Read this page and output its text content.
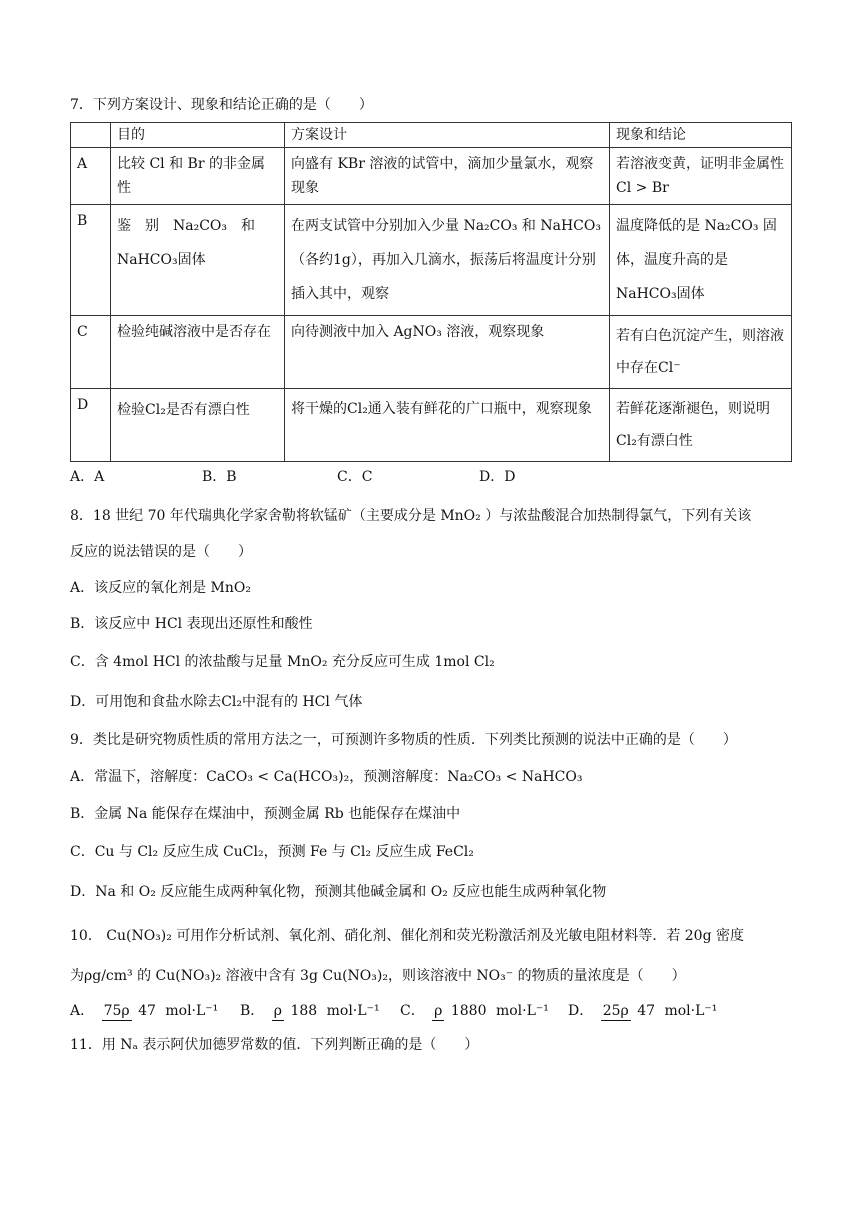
7．下列方案设计、现象和结论正确的是（　　）
	目的	方案设计	现象和结论
A	比较 Cl 和 Br 的非金属性	向盛有 KBr 溶液的试管中，滴加少量氯水，观察现象	若溶液变黄，证明非金属性 Cl > Br
B	鉴　别　Na₂CO₃　和　NaHCO₃固体	在两支试管中分别加入少量 Na₂CO₃ 和 NaHCO₃（各约1g），再加入几滴水，振荡后将温度计分别插入其中，观察	温度降低的是 Na₂CO₃ 固体，温度升高的是 NaHCO₃固体
C	检验纯碱溶液中是否存在	向待测液中加入 AgNO₃ 溶液，观察现象	若有白色沉淀产生，则溶液中存在Cl⁻
D	检验Cl₂是否有漂白性	将干燥的Cl₂通入装有鲜花的广口瓶中，观察现象	若鲜花逐渐褪色，则说明Cl₂有漂白性
A．A	B．B	C．C	D．D
8．18 世纪 70 年代瑞典化学家舍勒将软锰矿（主要成分是 MnO₂ ）与浓盐酸混合加热制得氯气，下列有关该
反应的说法错误的是（　　）
A．该反应的氧化剂是 MnO₂
B．该反应中 HCl 表现出还原性和酸性
C．含 4mol HCl 的浓盐酸与足量 MnO₂ 充分反应可生成 1mol Cl₂
D．可用饱和食盐水除去Cl₂中混有的 HCl 气体
9．类比是研究物质性质的常用方法之一，可预测许多物质的性质．下列类比预测的说法中正确的是（　　）
A．常温下，溶解度：CaCO₃ < Ca(HCO₃)₂，预测溶解度：Na₂CO₃ < NaHCO₃
B．金属 Na 能保存在煤油中，预测金属 Rb 也能保存在煤油中
C．Cu 与 Cl₂ 反应生成 CuCl₂，预测 Fe 与 Cl₂ 反应生成 FeCl₂
D．Na 和 O₂ 反应能生成两种氧化物，预测其他碱金属和 O₂ 反应也能生成两种氧化物
10． Cu(NO₃)₂ 可用作分析试剂、氧化剂、硝化剂、催化剂和荧光粉激活剂及光敏电阻材料等．若 20g 密度
为ρg/cm³ 的 Cu(NO₃)₂ 溶液中含有 3g Cu(NO₃)₂，则该溶液中 NO₃⁻ 的物质的量浓度是（　　）
A． 75ρ 47 mol·L⁻¹	B． ρ 188 mol·L⁻¹	C． ρ 1880 mol·L⁻¹	D． 25ρ 47 mol·L⁻¹
11．用 Nₐ 表示阿伏加德罗常数的值．下列判断正确的是（　　）
